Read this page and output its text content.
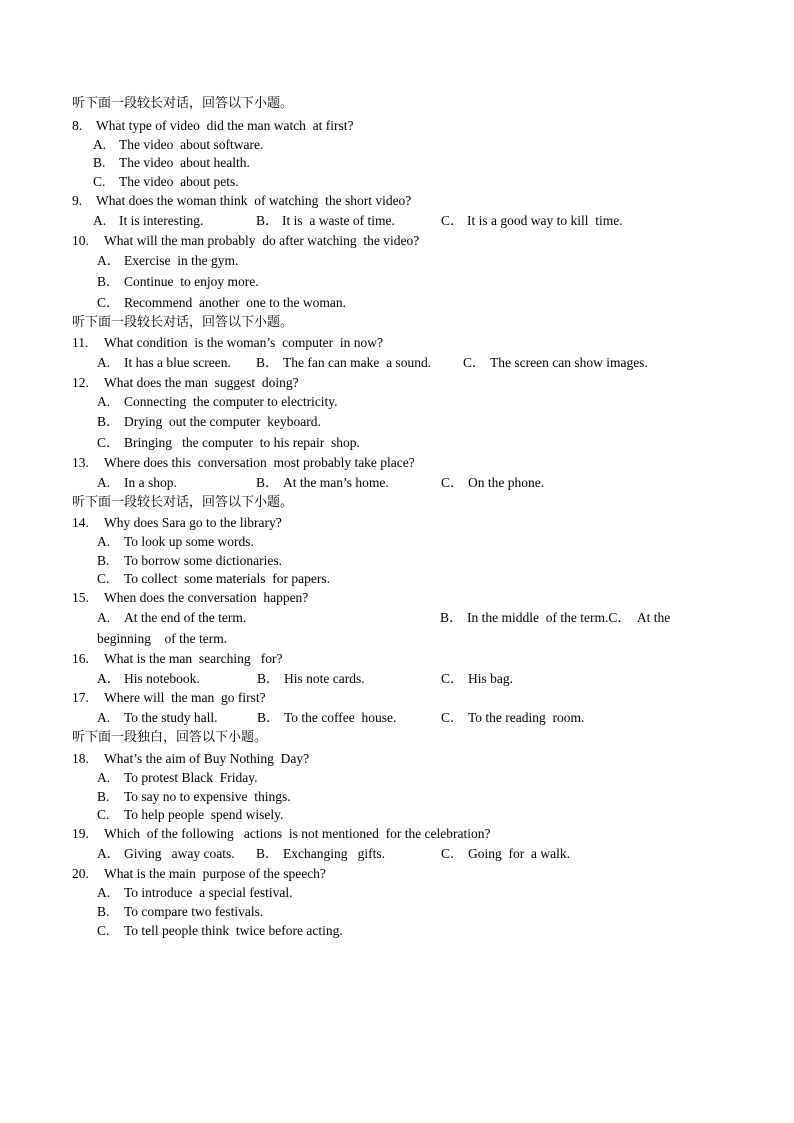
听下面一段较长对话，回答以下小题。
8. What type of video  did the man watch  at first?
A. The video  about software.
B. The video  about health.
C. The video  about pets.
9. What does the woman think  of watching  the short video?
A. It is interesting.	B． It is  a waste of time.	C． It is a good way to kill  time.
10. What will the man probably  do after watching  the video?
A． Exercise  in the gym.
B． Continue  to enjoy more.
C． Recommend  another  one to the woman.
听下面一段较长对话，回答以下小题。
11. What condition  is the woman’s  computer  in now?
A. It has a blue screen. B． The fan can make  a sound. C． The screen can show images.
12. What does the man  suggest  doing?
A. Connecting  the computer to electricity.
B． Drying  out the computer  keyboard.
C． Bringing   the computer  to his repair  shop.
13. Where does this  conversation  most probably take place?
A. In a shop.	B． At the man’s home.	C． On the phone.
听下面一段较长对话，回答以下小题。
14. Why does Sara go to the library?
A. To look up some words.
B. To borrow some dictionaries.
C. To collect  some materials  for papers.
15. When does the conversation  happen?
A. At the end of the term.	B． In the middle  of the term.C．  At the
beginning    of the term.
16. What is the man  searching   for?
A． His notebook.	B． His note cards.	C． His bag.
17. Where will  the man  go first?
A. To the study hall.	B． To the coffee  house.	C． To the reading  room.
听下面一段独白，回答以下小题。
18. What’s the aim of Buy Nothing  Day?
A. To protest Black  Friday.
B. To say no to expensive  things.
C. To help people  spend wisely.
19. Which  of the following   actions  is not mentioned  for the celebration?
A． Giving   away coats. B． Exchanging   gifts.	C． Going  for  a walk.
20. What is the main  purpose of the speech?
A. To introduce  a special festival.
B. To compare two festivals.
C. To tell people think  twice before acting.
